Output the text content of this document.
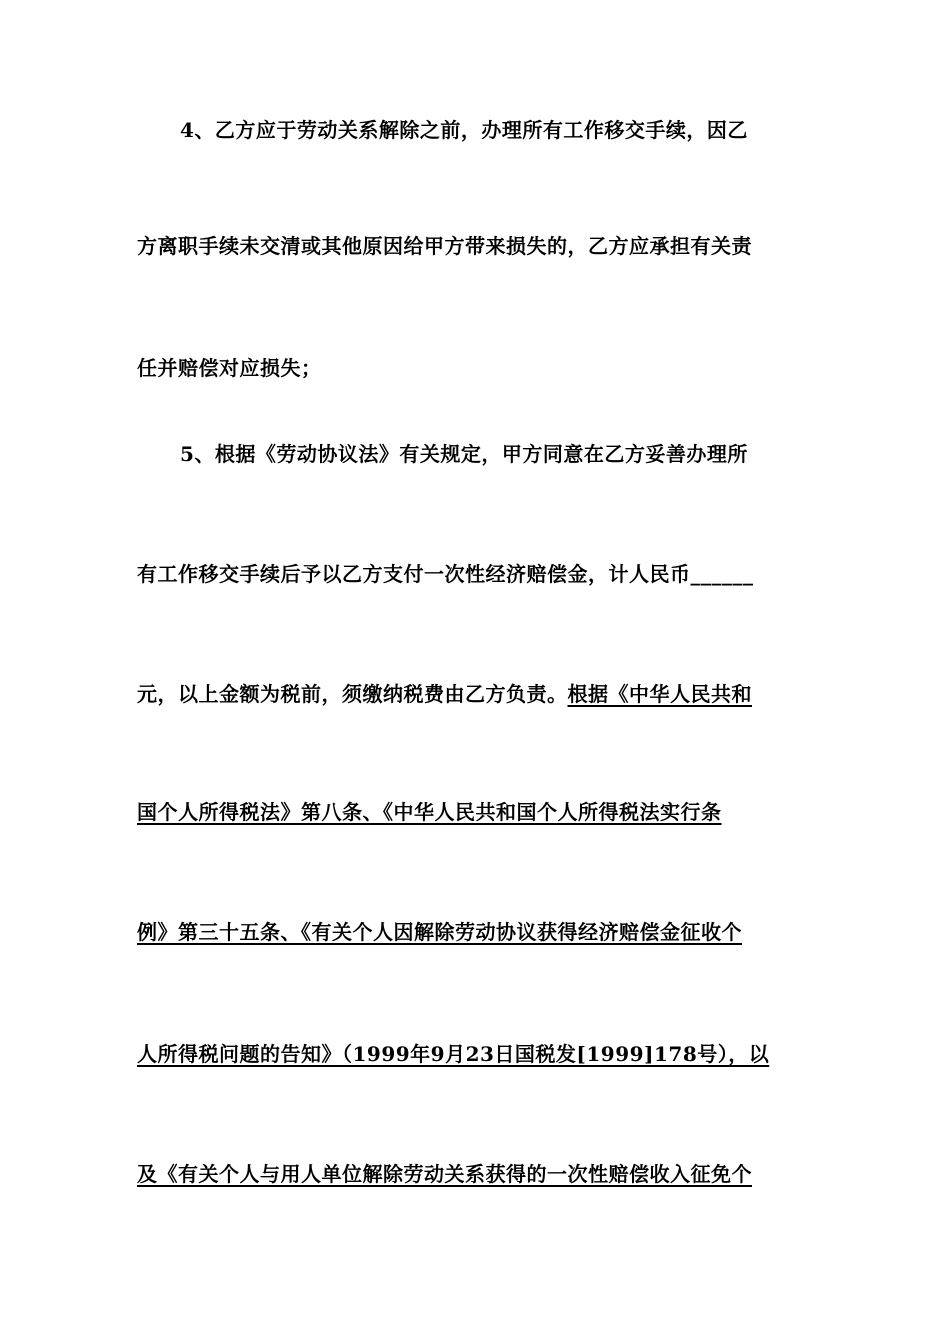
4、乙方应于劳动关系解除之前，办理所有工作移交手续，因乙
方离职手续未交清或其他原因给甲方带来损失的，乙方应承担有关责
任并赔偿对应损失；
5、根据《劳动协议法》有关规定，甲方同意在乙方妥善办理所
有工作移交手续后予以乙方支付一次性经济赔偿金，计人民币______
元，以上金额为税前，须缴纳税费由乙方负责。根据《中华人民共和
国个人所得税法》第八条、《中华人民共和国个人所得税法实行条
例》第三十五条、《有关个人因解除劳动协议获得经济赔偿金征收个
人所得税问题的告知》（1999年9月23日国税发[1999]178号），以
及《有关个人与用人单位解除劳动关系获得的一次性赔偿收入征免个
